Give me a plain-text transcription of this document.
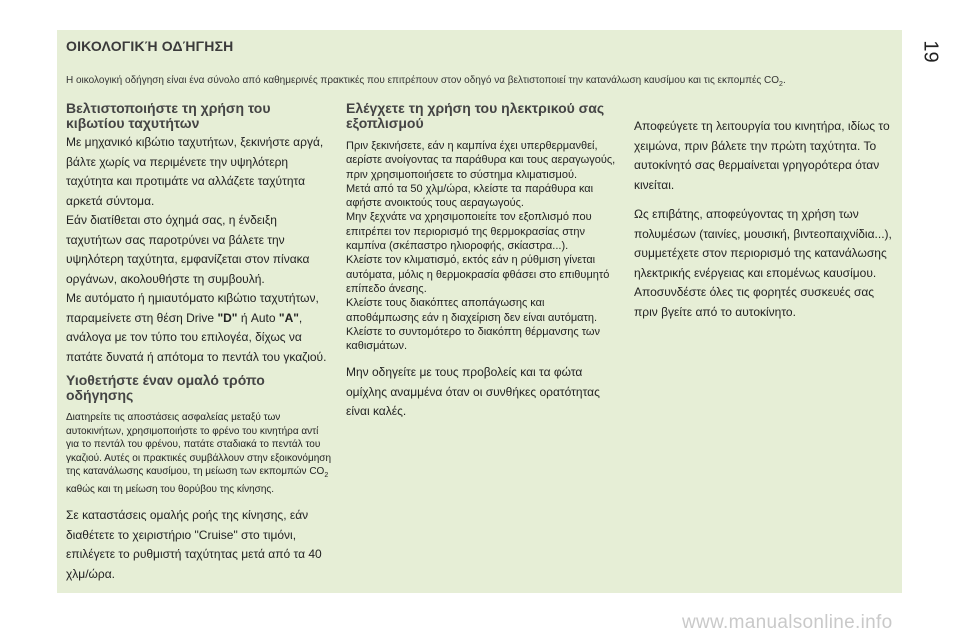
19
ΟΙΚΟΛΟΓΙΚΉ ΟΔΉΓΗΣΗ

Η οικολογική οδήγηση είναι ένα σύνολο από καθημερινές πρακτικές που επιτρέπουν στον οδηγό να βελτιστοποιεί την κατανάλωση καυσίμου και τις εκπομπές $CO_2$.

Βελτιστοποιήστε τη χρήση του κιβωτίου ταχυτήτων

Με μηχανικό κιβώτιο ταχυτήτων, ξεκινήστε αργά, βάλτε χωρίς να περιμένετε την υψηλότερη ταχύτητα και προτιμάτε να αλλάζετε ταχύτητα αρκετά σύντομα.

Εάν διατίθεται στο όχημά σας, η ένδειξη ταχυτήτων σας παροτρύνει να βάλετε την υψηλότερη ταχύτητα, εμφανίζεται στον πίνακα οργάνων, ακολουθήστε τη συμβουλή.

Με αυτόματο ή ημιαυτόματο κιβώτιο ταχυτήτων, παραμείνετε στη θέση Drive "D" ή Auto "A", ανάλογα με τον τύπο του επιλογέα, δίχως να πατάτε δυνατά ή απότομα το πεντάλ του γκαζιού.

Υιοθετήστε έναν ομαλό τρόπο οδήγησης

Διατηρείτε τις αποστάσεις ασφαλείας μεταξύ των αυτοκινήτων, χρησιμοποιήστε το φρένο του κινητήρα αντί για το πεντάλ του φρένου, πατάτε σταδιακά το πεντάλ του γκαζιού. Αυτές οι πρακτικές συμβάλλουν στην εξοικονόμηση της κατανάλωσης καυσίμου, τη μείωση των εκπομπών $CO_2$ καθώς και τη μείωση του θορύβου της κίνησης.

Σε καταστάσεις ομαλής ροής της κίνησης, εάν διαθέτετε το χειριστήριο "Cruise" στο τιμόνι, επιλέγετε το ρυθμιστή ταχύτητας μετά από τα 40 χλμ/ώρα.

Ελέγχετε τη χρήση του ηλεκτρικού σας εξοπλισμού

Πριν ξεκινήσετε, εάν η καμπίνα έχει υπερθερμανθεί, αερίστε ανοίγοντας τα παράθυρα και τους αεραγωγούς, πριν χρησιμοποιήσετε το σύστημα κλιματισμού.

Μετά από τα 50 χλμ/ώρα, κλείστε τα παράθυρα και αφήστε ανοικτούς τους αεραγωγούς.

Μην ξεχνάτε να χρησιμοποιείτε τον εξοπλισμό που επιτρέπει τον περιορισμό της θερμοκρασίας στην καμπίνα (σκέπαστρο ηλιοροφής, σκίαστρα...).

Κλείστε τον κλιματισμό, εκτός εάν η ρύθμιση γίνεται αυτόματα, μόλις η θερμοκρασία φθάσει στο επιθυμητό επίπεδο άνεσης.

Κλείστε τους διακόπτες αποπάγωσης και αποθάμπωσης εάν η διαχείριση δεν είναι αυτόματη.

Κλείστε το συντομότερο το διακόπτη θέρμανσης των καθισμάτων.

Μην οδηγείτε με τους προβολείς και τα φώτα ομίχλης αναμμένα όταν οι συνθήκες ορατότητας είναι καλές.

Αποφεύγετε τη λειτουργία του κινητήρα, ιδίως το χειμώνα, πριν βάλετε την πρώτη ταχύτητα. Το αυτοκίνητό σας θερμαίνεται γρηγορότερα όταν κινείται.

Ως επιβάτης, αποφεύγοντας τη χρήση των πολυμέσων (ταινίες, μουσική, βιντεοπαιχνίδια...), συμμετέχετε στον περιορισμό της κατανάλωσης ηλεκτρικής ενέργειας και επομένως καυσίμου.

Αποσυνδέστε όλες τις φορητές συσκευές σας πριν βγείτε από το αυτοκίνητο.

www.manualsonline.info
